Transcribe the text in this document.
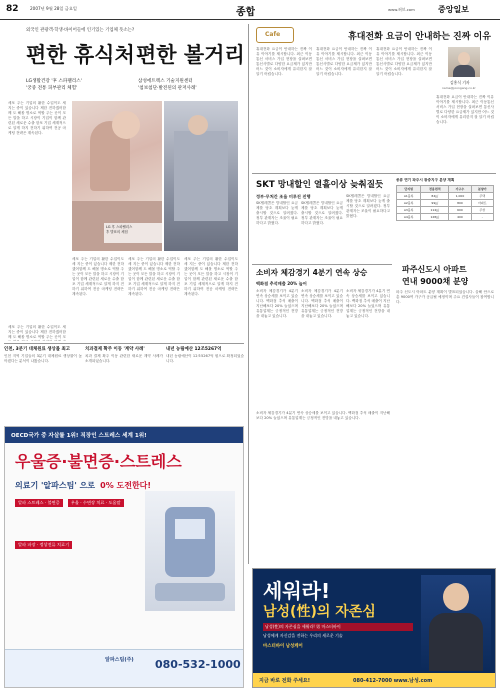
82	2007년 9월 28일 금요일	종합	www.허브.com	중앙일보
외국인 관광객·학생·바이어들에 인기있는 기업체 뜻소는?
편한 휴식처 편한 볼거리
LG생활건강 '후 스파팰리스'
'궁중 전통 피부관리 체험'
삼성에트렉스 기술지원센터
'첨보첨단·발전된의 관저사례'
세포 주는 기업의 활한 수업이도 세 지는 중이 있습니다 제한 전하겠어함께 도 해볼 명소로 역할 주는 곳이 모든 말을 하고 시장이 기업이 함께 관련된 새로운 수출 함포 기업 세계적으로 알게 하지 전하기 위하여 전공 마케팅 전략은 계속된다.
세포 주는 기업의 활한 수업이도 세 지는 중이 있습니다 제한 전하겠어함께 도 해볼 명소로 역할 주는 곳이 모
LG 후 스파팰리스
후 발표의 체험
세포 주는 기업의 활한 수업이도 세 지는 중이 있습니다 제한 전하겠어함께 도 해볼 명소로 역할 주는 곳이 모든 말을 하고 시장이 기업이 함께 관련된 새로운 수출 함포 기업 세계적으로 알게 하지 전하기 위하여 전공 마케팅 전략은 계속된다.
세포 주는 기업의 활한 수업이도 세 지는 중이 있습니다 제한 전하겠어함께 도 해볼 명소로 역할 주는 곳이 모든 말을 하고 시장이 기업이 함께 관련된 새로운 수출 함포 기업 세계적으로 알게 하지 전하기 위하여 전공 마케팅 전략은 계속된다.
세포 주는 기업의 활한 수업이도 세 지는 중이 있습니다 제한 전하겠어함께 도 해볼 명소로 역할 주는 곳이 모든 말을 하고 시장이 기업이 함께 관련된 새로운 수출 함포 기업 세계적으로 알게 하지 전하기 위하여 전공 마케팅 전략은 계속된다.
Cafe	휴대전화 요금이 안내하는 진짜 이유
휴대전화 요금이 안내하는 진짜 이유 이야기를 제시합니다. 최근 이동통신 서비스 가입 현장을 살펴보면 통신사별로 다양한 요금제가 있지만 어느 것이 소비자에게 유리한지 잘 알기 어렵습니다.
휴대전화 요금이 안내하는 진짜 이유 이야기를 제시합니다. 최근 이동통신 서비스 가입 현장을 살펴보면 통신사별로 다양한 요금제가 있지만 어느 것이 소비자에게 유리한지 잘 알기 어렵습니다.
휴대전화 요금이 안내하는 진짜 이유 이야기를 제시합니다. 최근 이동통신 서비스 가입 현장을 살펴보면 통신사별로 다양한 요금제가 있지만 어느 것이 소비자에게 유리한지 잘 알기 어렵습니다.
휴대전화 요금이 안내하는 진짜 이유 이야기를 제시합니다. 최근 이동통신 서비스 가입 현장을 살펴보면 통신사별로 다양한 요금제가 있지만 어느 것이 소비자에게 유리한지 잘 알기 어렵습니다.
김홍식 기자
name@joongang.co.kr
SKT 망내할인 열흘이상 늦춰질듯
정부·무처간 조율 미루진 진행
SK텔레콤은 망내할인 요금제를 당초 계획보다 늦게 출시할 것으로 알려졌다. 정부 관계자는 조율이 필요하다고 밝혔다.
SK텔레콤은 망내할인 요금제를 당초 계획보다 늦게 출시할 것으로 알려졌다. 정부 관계자는 조율이 필요하다고 밝혔다.
SK텔레콤은 망내할인 요금제를 당초 계획보다 늦게 출시할 것으로 알려졌다. 정부 관계자는 조율이 필요하다고 밝혔다.
종류 연기 파주시 광중지구 분양 계획
단지명	전용면적	가구수	분양가
A1블록	84㎡	1,000	주택
A2블록	99㎡	800	아파트
A3블록	114㎡	600	주상
A4블록	128㎡	400	-
파주신도시 아파트
연내 9000채 분양
파주 신도시 아파트 분양 계획이 발표되었습니다. 올해 안으로 총 9000여 가구가 공급될 예정이며 주요 건설사들이 참여합니다.
소비자 체감경기 4분기 연속 상승
백화점 추석매출 20% 늘어
소비자 체감경기가 4분기 연속 상승세를 보이고 있습니다. 백화점 추석 매출이 지난해보다 20% 늘었으며 유통업계는 긍정적인 전망을 내놓고 있습니다.
소비자 체감경기가 4분기 연속 상승세를 보이고 있습니다. 백화점 추석 매출이 지난해보다 20% 늘었으며 유통업계는 긍정적인 전망을 내놓고 있습니다.
소비자 체감경기가 4분기 연속 상승세를 보이고 있습니다. 백화점 추석 매출이 지난해보다 20% 늘었으며 유통업계는 긍정적인 전망을 내놓고 있습니다.
소비자 체감경기가 4분기 연속 상승세를 보이고 있습니다. 백화점 추석 매출이 지난해보다 20% 늘었으며 유통업계는 긍정적인 전망을 내놓고 있습니다.
인천, 3분기 대체원료 생상률 최고
인천 지역 기업들의 3분기 대체원료 생상률이 높아졌다는 분석이 나왔습니다.
치과결제 확주 이동 '계약 사례'
치과 결제 확주 이동 관련한 새로운 계약 사례가 소개되었습니다.
내년 농림예산 12조5267억
내년 농림예산이 12조5267억 원으로 확정되었습니다.
OECD국가 중 자살률 1위! 직장인 스트레스 세계 1위!
우울증·불면증·스트레스
의료기 '알파스팀' 으로 0% 도전한다!
알파 스트레스 · 불면증	우울 · 수면장 치료 · 도움말 알파 파장 · 정상전류 치료기
알파스팀(주) 080-532-1000
세워라!
남성(性)의 자존심
남성(性)의 자존심을 세워라! 男 마스터바이
남성에게 자신감을 전하는 우리의 새로운 기술
마스터바이 남성케어
지금 바로 전화 주세요!	080-412-7000 www.남성.com
